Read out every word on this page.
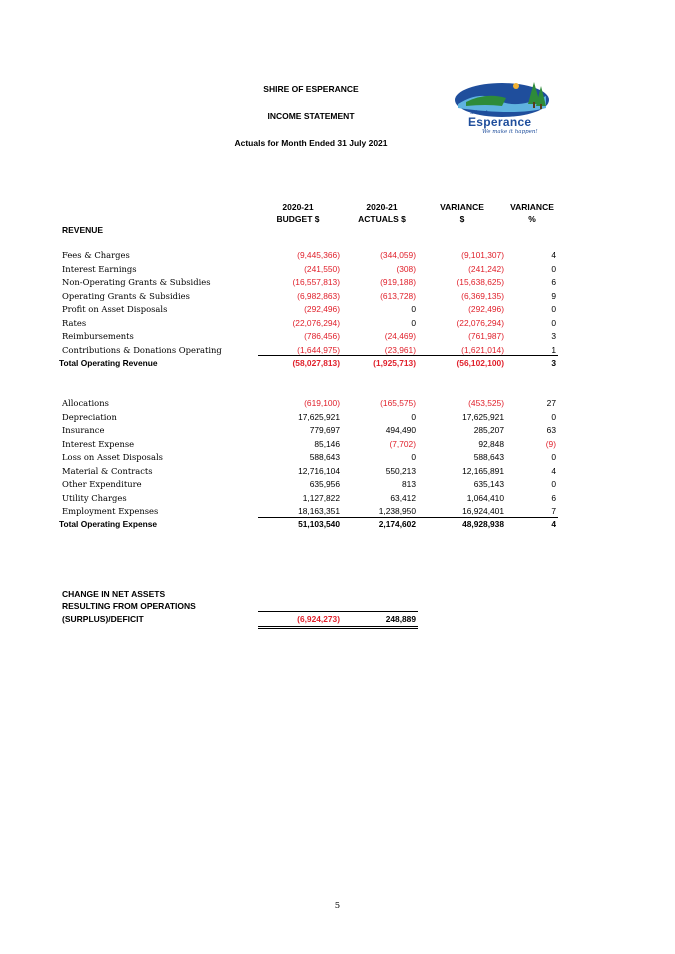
SHIRE OF ESPERANCE
INCOME STATEMENT
Actuals for Month Ended 31 July 2021
Shire of
Esperance
We make it happen!
2020-21
BUDGET $
2020-21
ACTUALS $
VARIANCE
$
VARIANCE
%
REVENUE
Fees & Charges	(9,445,366)	(344,059)	(9,101,307)	4
Interest Earnings	(241,550)	(308)	(241,242)	0
Non-Operating Grants & Subsidies	(16,557,813)	(919,188)	(15,638,625)	6
Operating Grants & Subsidies	(6,982,863)	(613,728)	(6,369,135)	9
Profit on Asset Disposals	(292,496)	0	(292,496)	0
Rates	(22,076,294)	0	(22,076,294)	0
Reimbursements	(786,456)	(24,469)	(761,987)	3
Contributions & Donations Operating	(1,644,975)	(23,961)	(1,621,014)	1
Total Operating Revenue	(58,027,813)	(1,925,713)	(56,102,100)	3
Allocations	(619,100)	(165,575)	(453,525)	27
Depreciation	17,625,921	0	17,625,921	0
Insurance	779,697	494,490	285,207	63
Interest Expense	85,146	(7,702)	92,848	(9)
Loss on Asset Disposals	588,643	0	588,643	0
Material & Contracts	12,716,104	550,213	12,165,891	4
Other Expenditure	635,956	813	635,143	0
Utility Charges	1,127,822	63,412	1,064,410	6
Employment Expenses	18,163,351	1,238,950	16,924,401	7
Total Operating Expense	51,103,540	2,174,602	48,928,938	4
CHANGE IN NET ASSETS
RESULTING FROM OPERATIONS
(SURPLUS)/DEFICIT	(6,924,273)	248,889
5
